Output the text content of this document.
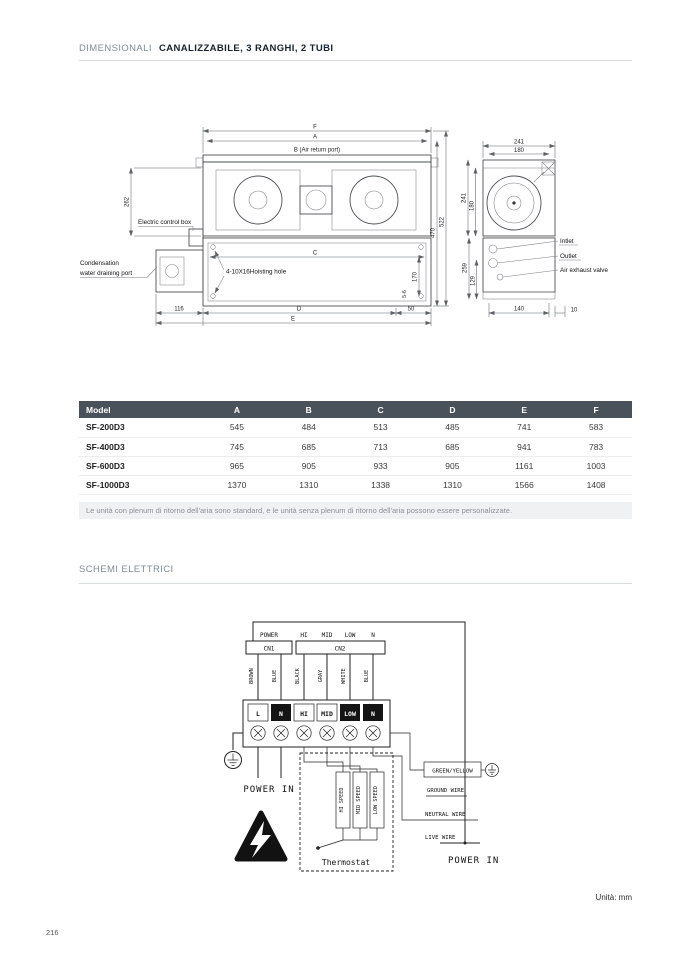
DIMENSIONALI CANALIZZABILE, 3 RANGHI, 2 TUBI
F
A
B (Air return port)
262
C
522
470
170
5-6
116	D	50
E
Electric control box
Condensation
water draining port	4-10X16Hoisting hole
241
180
241
180
259
129
140	10
Intlet
Outlet
Air exhaust valve
Model	A	B	C	D	E	F
SF-200D3	545	484	513	485	741	583
SF-400D3	745	685	713	685	941	783
SF-600D3	965	905	933	905	1161	1003
SF-1000D3	1370	1310	1338	1310	1566	1408
Le unità con plenum di ritorno dell'aria sono standard, e le unità senza plenum di ritorno dell'aria possono essere personalizzate.
SCHEMI ELETTRICI
POWER	HI MID LOW	N
CN1	CN2
BROWN	BLUE	BLACK	GRAY	WHITE	BLUE
L	N	HI MID LOW N
POWER IN	HI SPEED MID SPEED LOW SPEED
Thermostat
GREEN/YELLOW
GROUND WIRE
NEUTRAL WIRE
LIVE WIRE
POWER IN
Unità: mm
216
